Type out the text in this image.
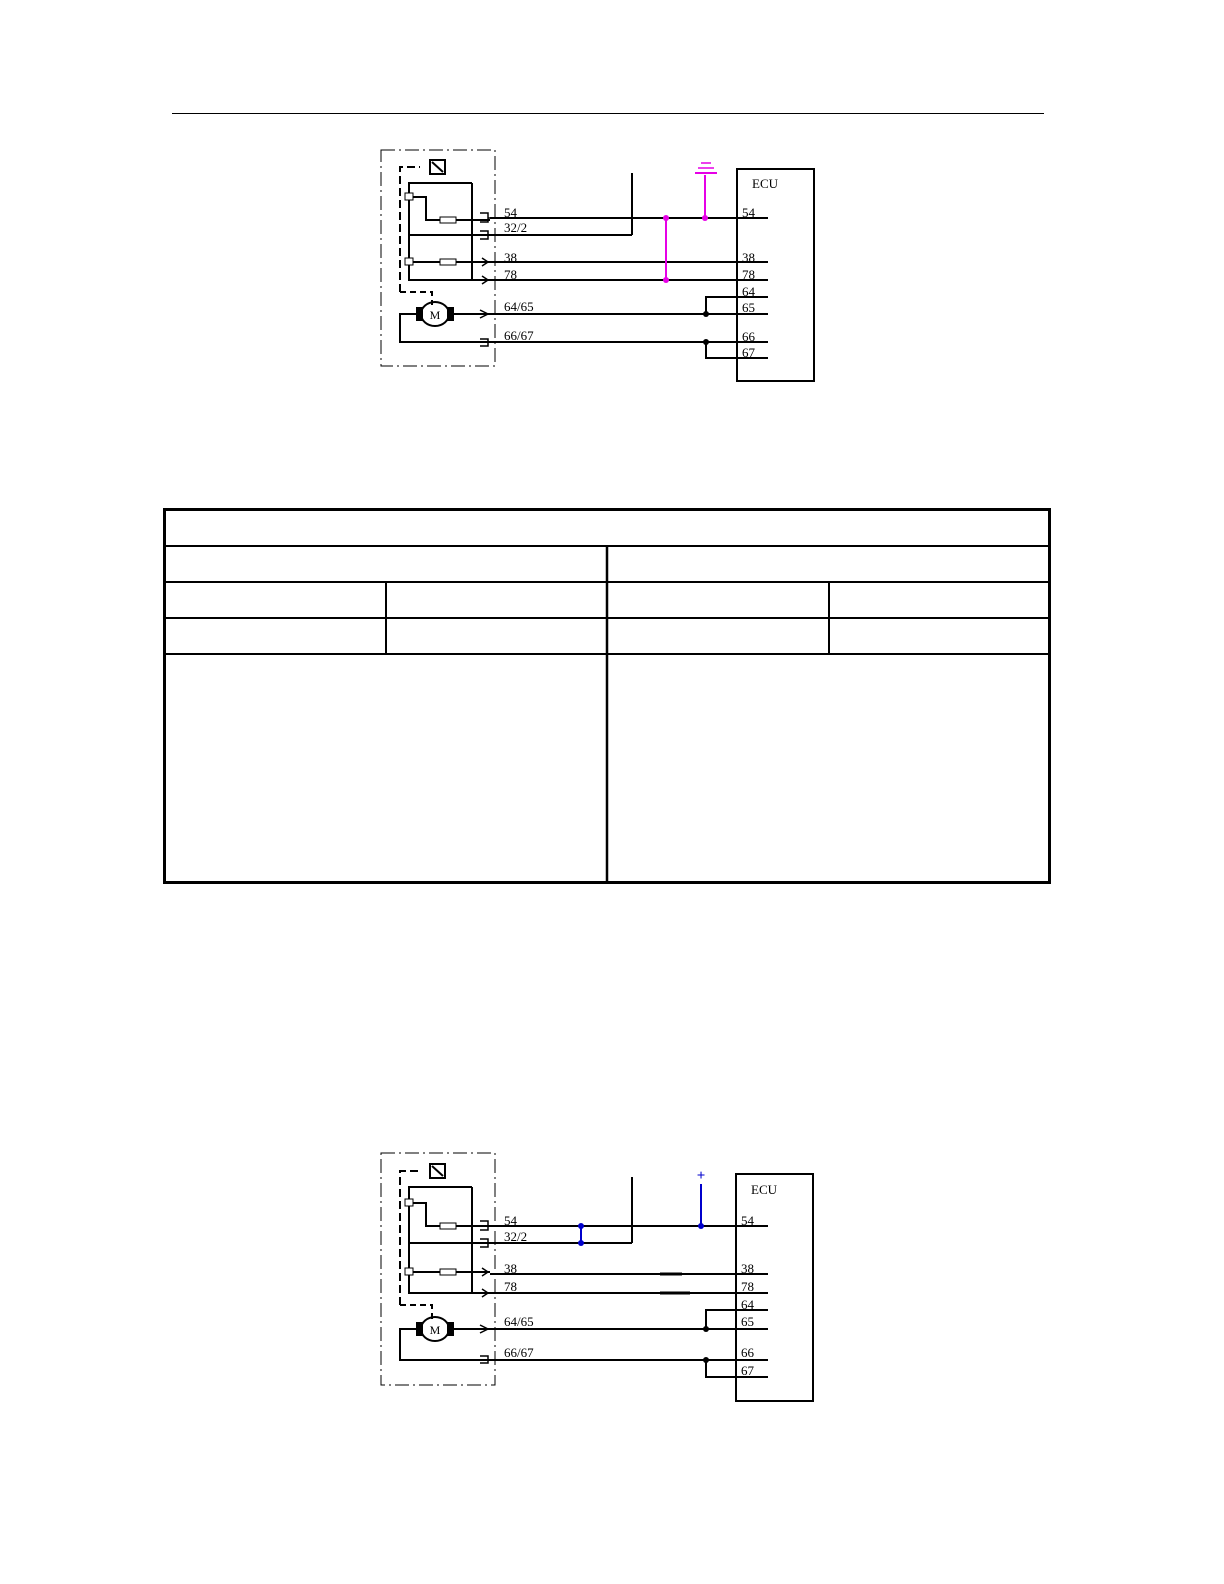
M
ECU
54
32/2
38
78
64/65
66/67
54
38
78
64
65
66
67
M
+
ECU
54
32/2
38
78
64/65
66/67
54
38
78
64
65
66
67
